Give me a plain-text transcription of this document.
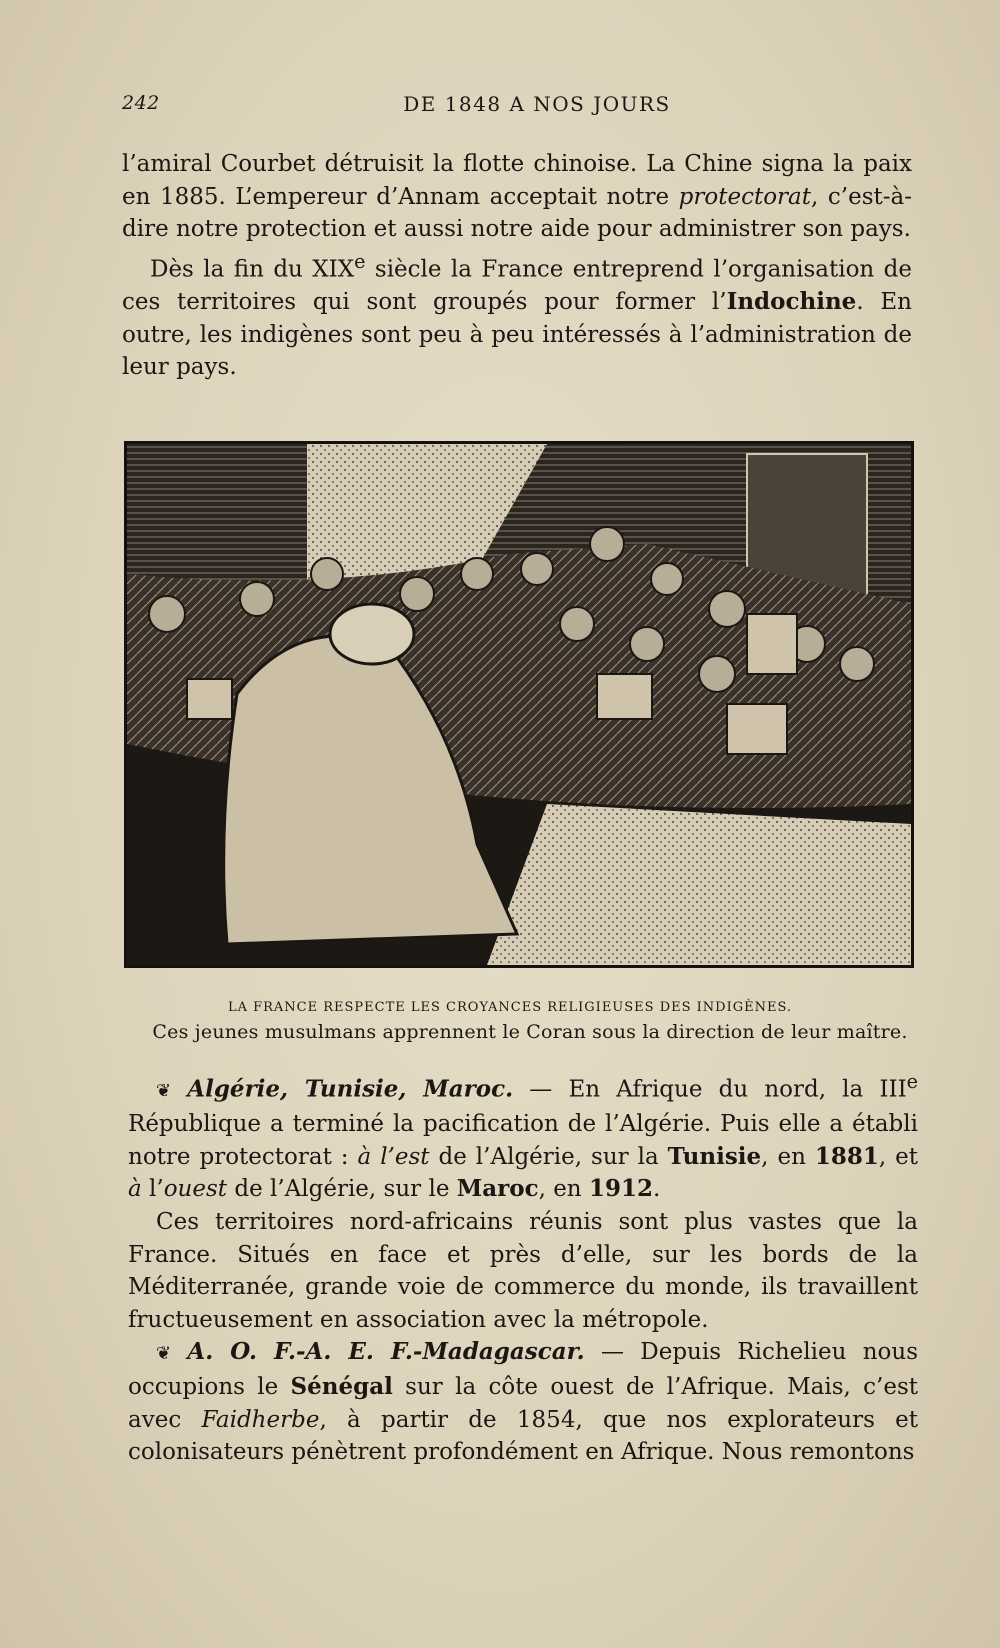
242	DE 1848 A NOS JOURS

l’amiral Courbet détruisit la flotte chinoise. La Chine signa la paix en 1885. L’empereur d’Annam acceptait notre protectorat, c’est-à-dire notre protection et aussi notre aide pour administrer son pays.

Dès la fin du XIXe siècle la France entreprend l’organisation de ces territoires qui sont groupés pour former l’Indochine. En outre, les indigènes sont peu à peu intéressés à l’administration de leur pays.

LA FRANCE RESPECTE LES CROYANCES RELIGIEUSES DES INDIGÈNES.
Ces jeunes musulmans apprennent le Coran sous la direction de leur maître.

❦ Algérie, Tunisie, Maroc. — En Afrique du nord, la IIIe République a terminé la pacification de l’Algérie. Puis elle a établi notre protectorat : à l’est de l’Algérie, sur la Tunisie, en 1881, et à l’ouest de l’Algérie, sur le Maroc, en 1912.

Ces territoires nord-africains réunis sont plus vastes que la France. Situés en face et près d’elle, sur les bords de la Méditerranée, grande voie de commerce du monde, ils travaillent fructueusement en association avec la métropole.

❦ A. O. F.-A. E. F.-Madagascar. — Depuis Richelieu nous occupions le Sénégal sur la côte ouest de l’Afrique. Mais, c’est avec Faidherbe, à partir de 1854, que nos explorateurs et colonisateurs pénètrent profondément en Afrique. Nous remontons
